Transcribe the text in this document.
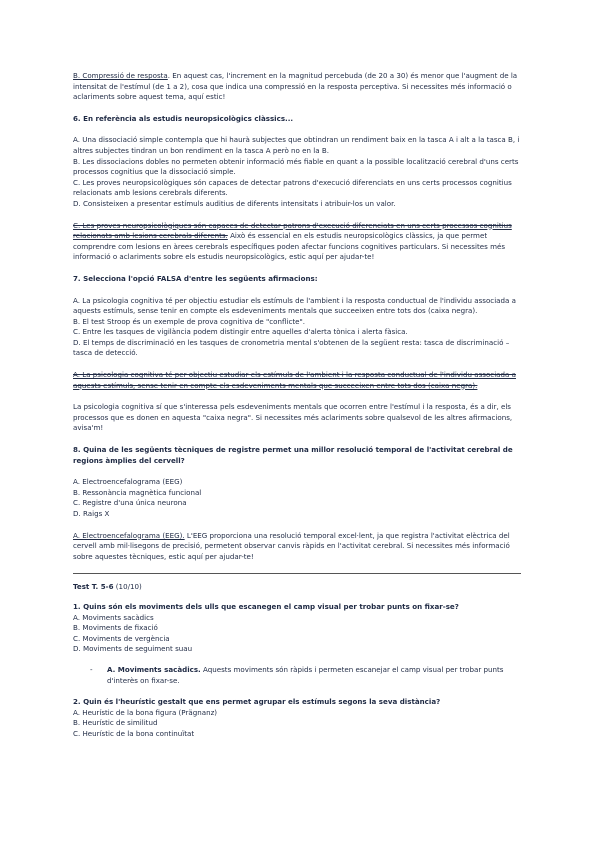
B. Compressió de resposta. En aquest cas, l'increment en la magnitud percebuda (de 20 a 30) és menor que l'augment de la intensitat de l'estímul (de 1 a 2), cosa que indica una compressió en la resposta perceptiva. Si necessites més informació o aclariments sobre aquest tema, aquí estic!

6. En referència als estudis neuropsicològics clàssics...

A. Una dissociació simple contempla que hi haurà subjectes que obtindran un rendiment baix en la tasca A i alt a la tasca B, i altres subjectes tindran un bon rendiment en la tasca A però no en la B.

B. Les dissociacions dobles no permeten obtenir informació més fiable en quant a la possible localització cerebral d'uns certs processos cognitius que la dissociació simple.

C. Les proves neuropsicològiques són capaces de detectar patrons d'execució diferenciats en uns certs processos cognitius relacionats amb lesions cerebrals diferents.

D. Consisteixen a presentar estímuls auditius de diferents intensitats i atribuir-los un valor.

C. Les proves neuropsicològiques són capaces de detectar patrons d'execució diferenciats en uns certs processos cognitius relacionats amb lesions cerebrals diferents. Això és essencial en els estudis neuropsicològics clàssics, ja que permet comprendre com lesions en àrees cerebrals específiques poden afectar funcions cognitives particulars. Si necessites més informació o aclariments sobre els estudis neuropsicològics, estic aquí per ajudar-te!

7. Selecciona l'opció FALSA d'entre les següents afirmacions:

A. La psicologia cognitiva té per objectiu estudiar els estímuls de l'ambient i la resposta conductual de l'individu associada a aquests estímuls, sense tenir en compte els esdeveniments mentals que succeeixen entre tots dos (caixa negra).

B. El test Stroop és un exemple de prova cognitiva de "conflicte".

C. Entre les tasques de vigilància podem distingir entre aquelles d'alerta tònica i alerta fàsica.

D. El temps de discriminació en les tasques de cronometria mental s'obtenen de la següent resta: tasca de discriminació – tasca de detecció.

A. La psicologia cognitiva té per objectiu estudiar els estímuls de l'ambient i la resposta conductual de l'individu associada a aquests estímuls, sense tenir en compte els esdeveniments mentals que succeeixen entre tots dos (caixa negra).

La psicologia cognitiva sí que s'interessa pels esdeveniments mentals que ocorren entre l'estímul i la resposta, és a dir, els processos que es donen en aquesta "caixa negra". Si necessites més aclariments sobre qualsevol de les altres afirmacions, avisa'm!

8. Quina de les següents tècniques de registre permet una millor resolució temporal de l'activitat cerebral de regions àmplies del cervell?

A. Electroencefalograma (EEG)

B. Ressonància magnètica funcional

C. Registre d'una única neurona

D. Raigs X

A. Electroencefalograma (EEG). L'EEG proporciona una resolució temporal excel·lent, ja que registra l'activitat elèctrica del cervell amb mil·lisegons de precisió, permetent observar canvis ràpids en l'activitat cerebral. Si necessites més informació sobre aquestes tècniques, estic aquí per ajudar-te!

Test T. 5-6 (10/10)

1. Quins són els moviments dels ulls que escanegen el camp visual per trobar punts on fixar-se?

A. Moviments sacàdics

B. Moviments de fixació

C. Moviments de vergència

D. Moviments de seguiment suau

- A. Moviments sacàdics. Aquests moviments són ràpids i permeten escanejar el camp visual per trobar punts d'interès on fixar-se.

2. Quin és l'heurístic gestalt que ens permet agrupar els estímuls segons la seva distància?

A. Heurístic de la bona figura (Prägnanz)

B. Heurístic de similitud

C. Heurístic de la bona continuïtat
